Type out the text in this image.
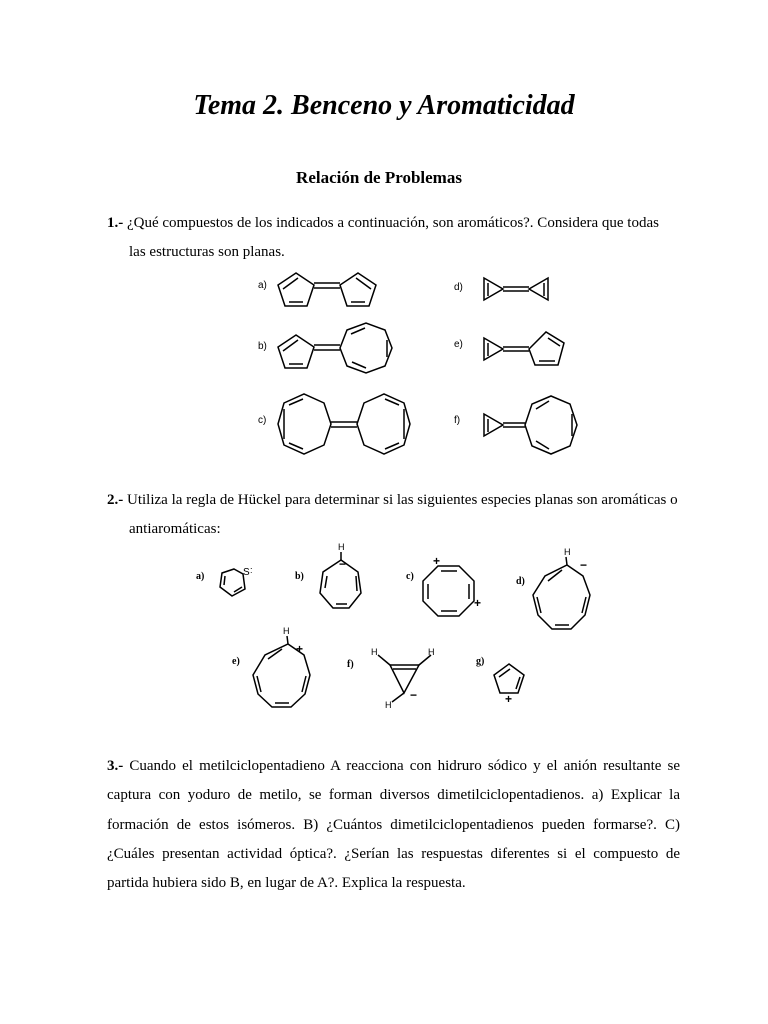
Tema 2. Benceno y Aromaticidad
Relación de Problemas
1.- ¿Qué compuestos de los indicados a continuación, son aromáticos?. Considera que todas
las estructuras son planas.
a)
b)
c)
d)
e)
f)
2.- Utiliza la regla de Hückel para determinar si las siguientes especies planas son aromáticas o
antiaromáticas:
a)	b)	c)	d)
e)	f)	g)
S
H
−	+
+
H
−
H
+	H	H
H
−	+
:
3.- Cuando el metilciclopentadieno A reacciona con hidruro sódico y el anión resultante se captura con yoduro de metilo, se forman diversos dimetilciclopentadienos. a) Explicar la formación de estos isómeros. B) ¿Cuántos dimetilciclopentadienos pueden formarse?. C) ¿Cuáles presentan actividad óptica?. ¿Serían las respuestas diferentes si el compuesto de partida hubiera sido B, en lugar de A?. Explica la respuesta.
